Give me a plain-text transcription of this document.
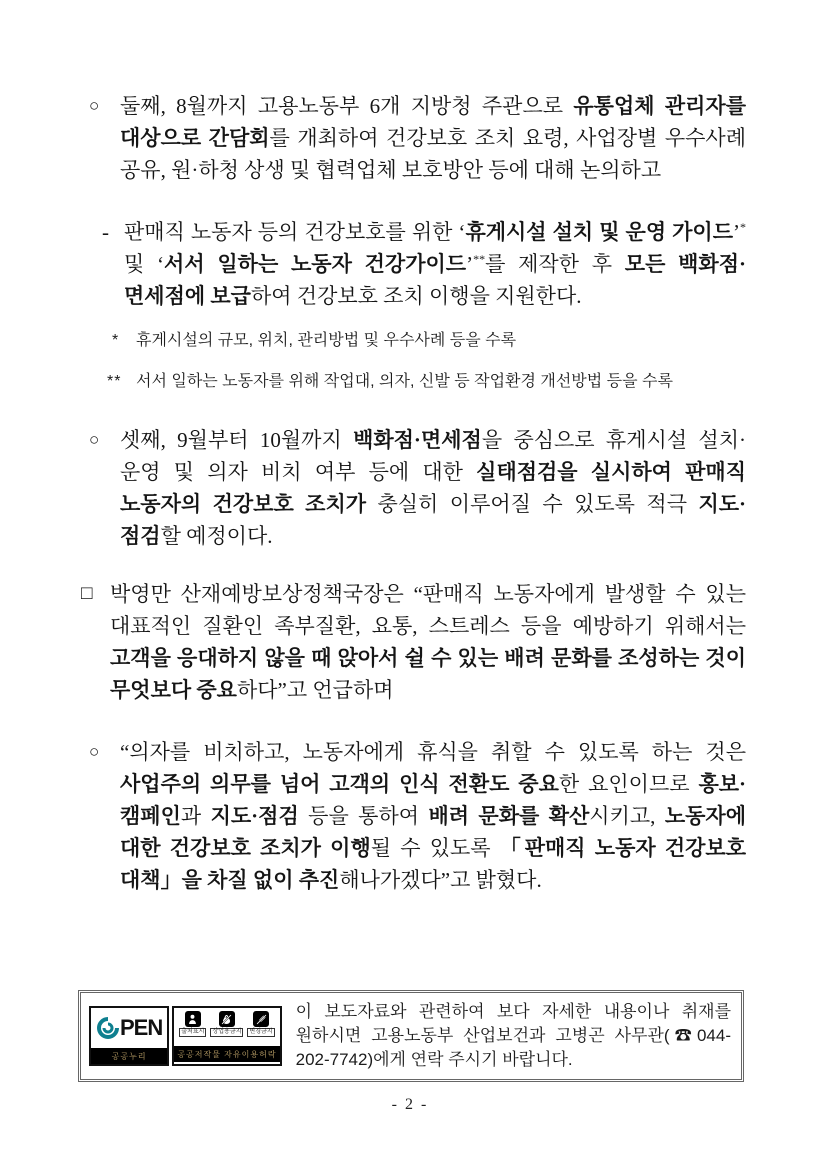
○ 둘째, 8월까지 고용노동부 6개 지방청 주관으로 유통업체 관리자를 대상으로 간담회를 개최하여 건강보호 조치 요령, 사업장별 우수사례 공유, 원·하청 상생 및 협력업체 보호방안 등에 대해 논의하고
- 판매직 노동자 등의 건강보호를 위한 ‘휴게시설 설치 및 운영 가이드’* 및 ‘서서 일하는 노동자 건강가이드’**를 제작한 후 모든 백화점·면세점에 보급하여 건강보호 조치 이행을 지원한다.
* 휴게시설의 규모, 위치, 관리방법 및 우수사례 등을 수록
** 서서 일하는 노동자를 위해 작업대, 의자, 신발 등 작업환경 개선방법 등을 수록
○ 셋째, 9월부터 10월까지 백화점·면세점을 중심으로 휴게시설 설치·운영 및 의자 비치 여부 등에 대한 실태점검을 실시하여 판매직 노동자의 건강보호 조치가 충실히 이루어질 수 있도록 적극 지도·점검할 예정이다.
□ 박영만 산재예방보상정책국장은 “판매직 노동자에게 발생할 수 있는 대표적인 질환인 족부질환, 요통, 스트레스 등을 예방하기 위해서는 고객을 응대하지 않을 때 앉아서 쉴 수 있는 배려 문화를 조성하는 것이 무엇보다 중요하다”고 언급하며
○ “의자를 비치하고, 노동자에게 휴식을 취할 수 있도록 하는 것은 사업주의 의무를 넘어 고객의 인식 전환도 중요한 요인이므로 홍보·캠페인과 지도·점검 등을 통하여 배려 문화를 확산시키고, 노동자에 대한 건강보호 조치가 이행될 수 있도록 「판매직 노동자 건강보호 대책」을 차질 없이 추진해나가겠다”고 밝혔다.
PEN
공공누리
출처표시	상업용금지	변경금지
공공저작물 자유이용허락
이 보도자료와 관련하여 보다 자세한 내용이나 취재를 원하시면 고용노동부 산업보건과 고병곤 사무관(☎044-202-7742)에게 연락 주시기 바랍니다.
- 2 -
